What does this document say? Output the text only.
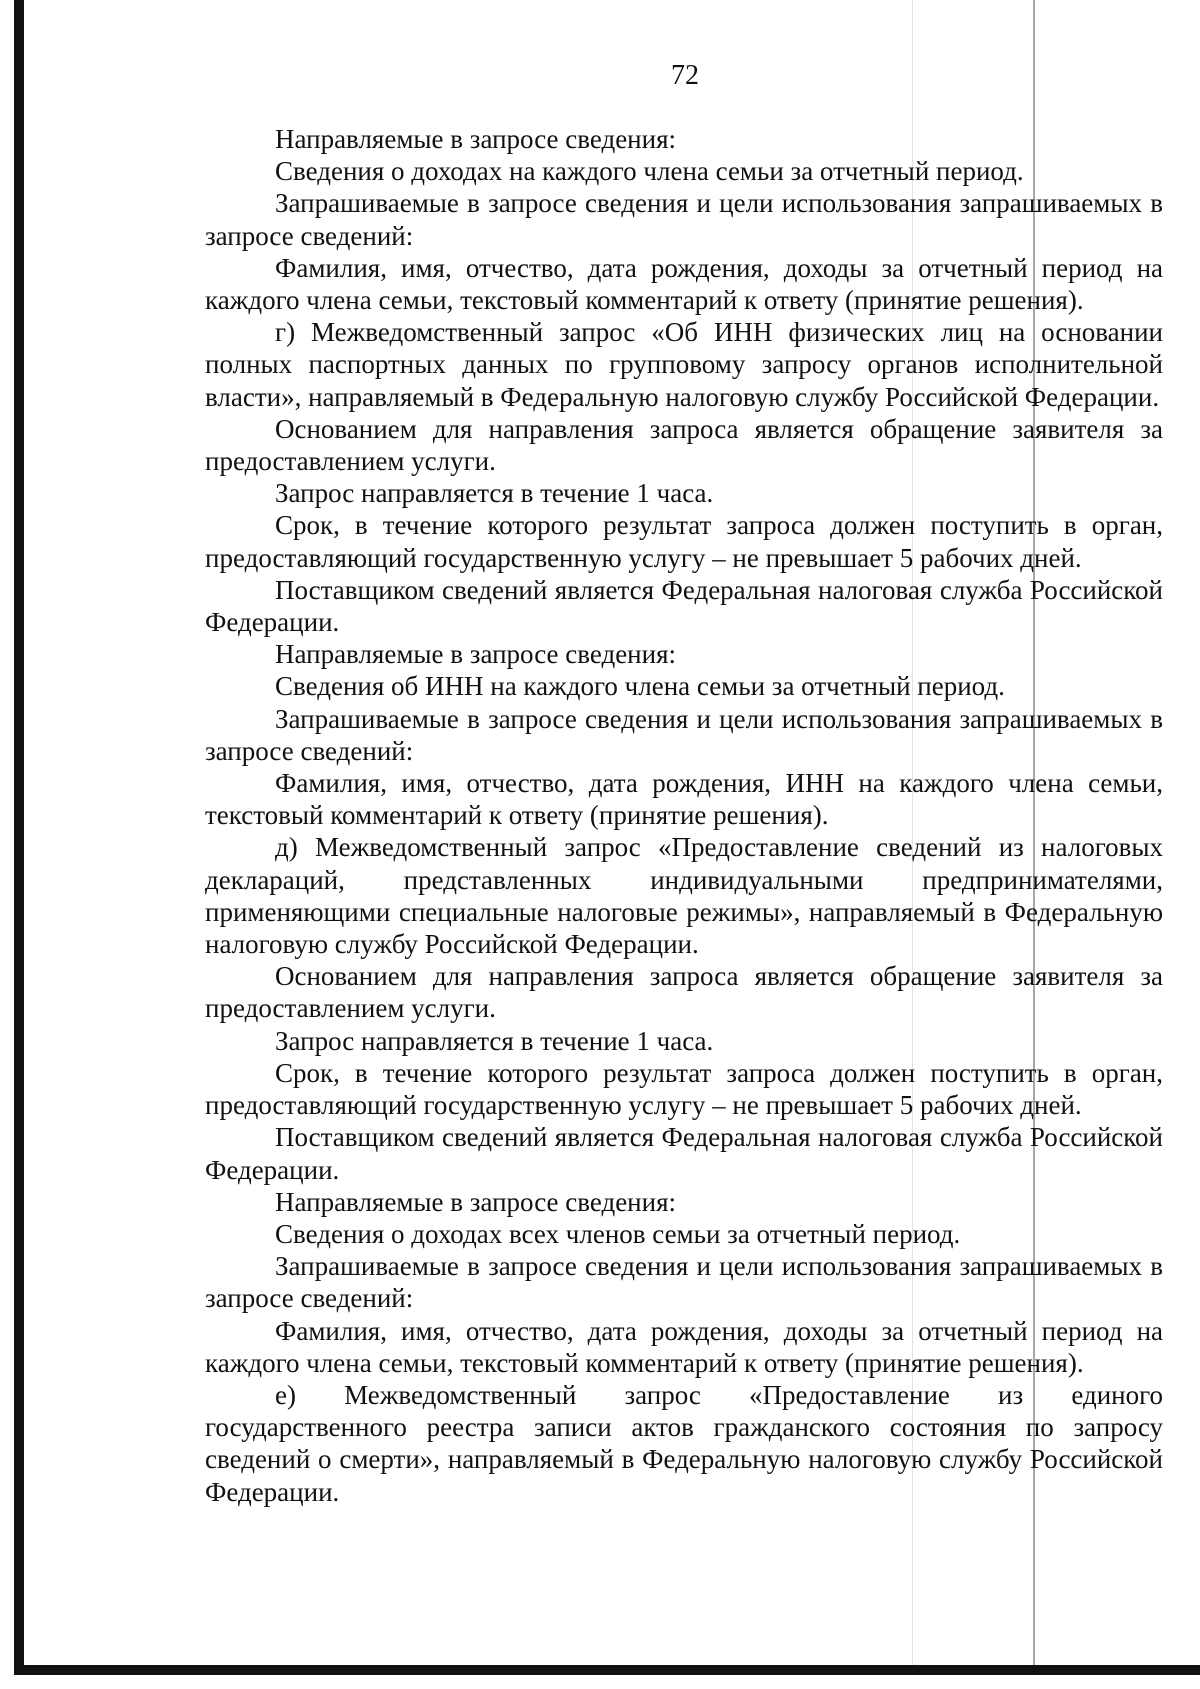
72

Направляемые в запросе сведения:

Сведения о доходах на каждого члена семьи за отчетный период.

Запрашиваемые в запросе сведения и цели использования запрашиваемых в запросе сведений:

Фамилия, имя, отчество, дата рождения, доходы за отчетный период на каждого члена семьи, текстовый комментарий к ответу (принятие решения).

г) Межведомственный запрос «Об ИНН физических лиц на основании полных паспортных данных по групповому запросу органов исполнительной власти», направляемый в Федеральную налоговую службу Российской Федерации.

Основанием для направления запроса является обращение заявителя за предоставлением услуги.

Запрос направляется в течение 1 часа.

Срок, в течение которого результат запроса должен поступить в орган, предоставляющий государственную услугу – не превышает 5 рабочих дней.

Поставщиком сведений является Федеральная налоговая служба Российской Федерации.

Направляемые в запросе сведения:

Сведения об ИНН на каждого члена семьи за отчетный период.

Запрашиваемые в запросе сведения и цели использования запрашиваемых в запросе сведений:

Фамилия, имя, отчество, дата рождения, ИНН на каждого члена семьи, текстовый комментарий к ответу (принятие решения).

д) Межведомственный запрос «Предоставление сведений из налоговых деклараций, представленных индивидуальными предпринимателями, применяющими специальные налоговые режимы», направляемый в Федеральную налоговую службу Российской Федерации.

Основанием для направления запроса является обращение заявителя за предоставлением услуги.

Запрос направляется в течение 1 часа.

Срок, в течение которого результат запроса должен поступить в орган, предоставляющий государственную услугу – не превышает 5 рабочих дней.

Поставщиком сведений является Федеральная налоговая служба Российской Федерации.

Направляемые в запросе сведения:

Сведения о доходах всех членов семьи за отчетный период.

Запрашиваемые в запросе сведения и цели использования запрашиваемых в запросе сведений:

Фамилия, имя, отчество, дата рождения, доходы за отчетный период на каждого члена семьи, текстовый комментарий к ответу (принятие решения).

е) Межведомственный запрос «Предоставление из единого государственного реестра записи актов гражданского состояния по запросу сведений о смерти», направляемый в Федеральную налоговую службу Российской Федерации.
